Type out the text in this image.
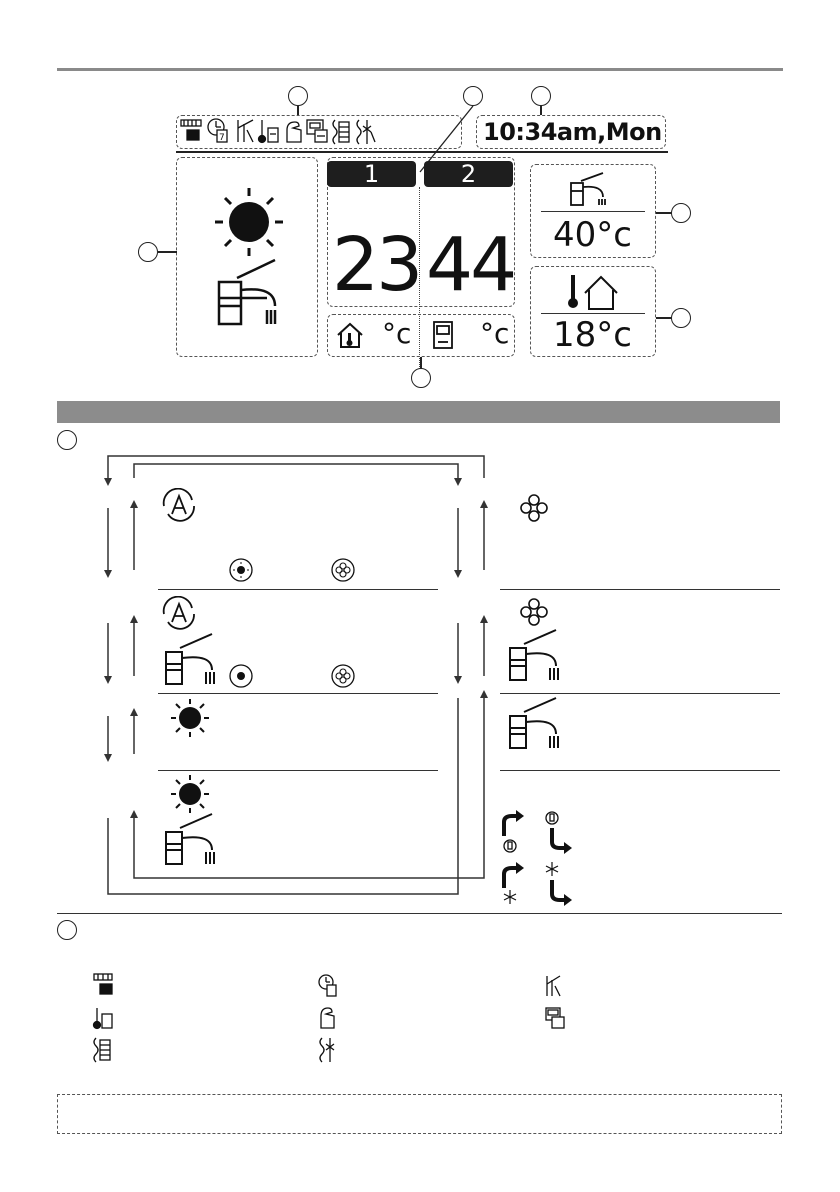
7	10:34am,Mon
1	2
23 44
°c °c
40°c
18°c
